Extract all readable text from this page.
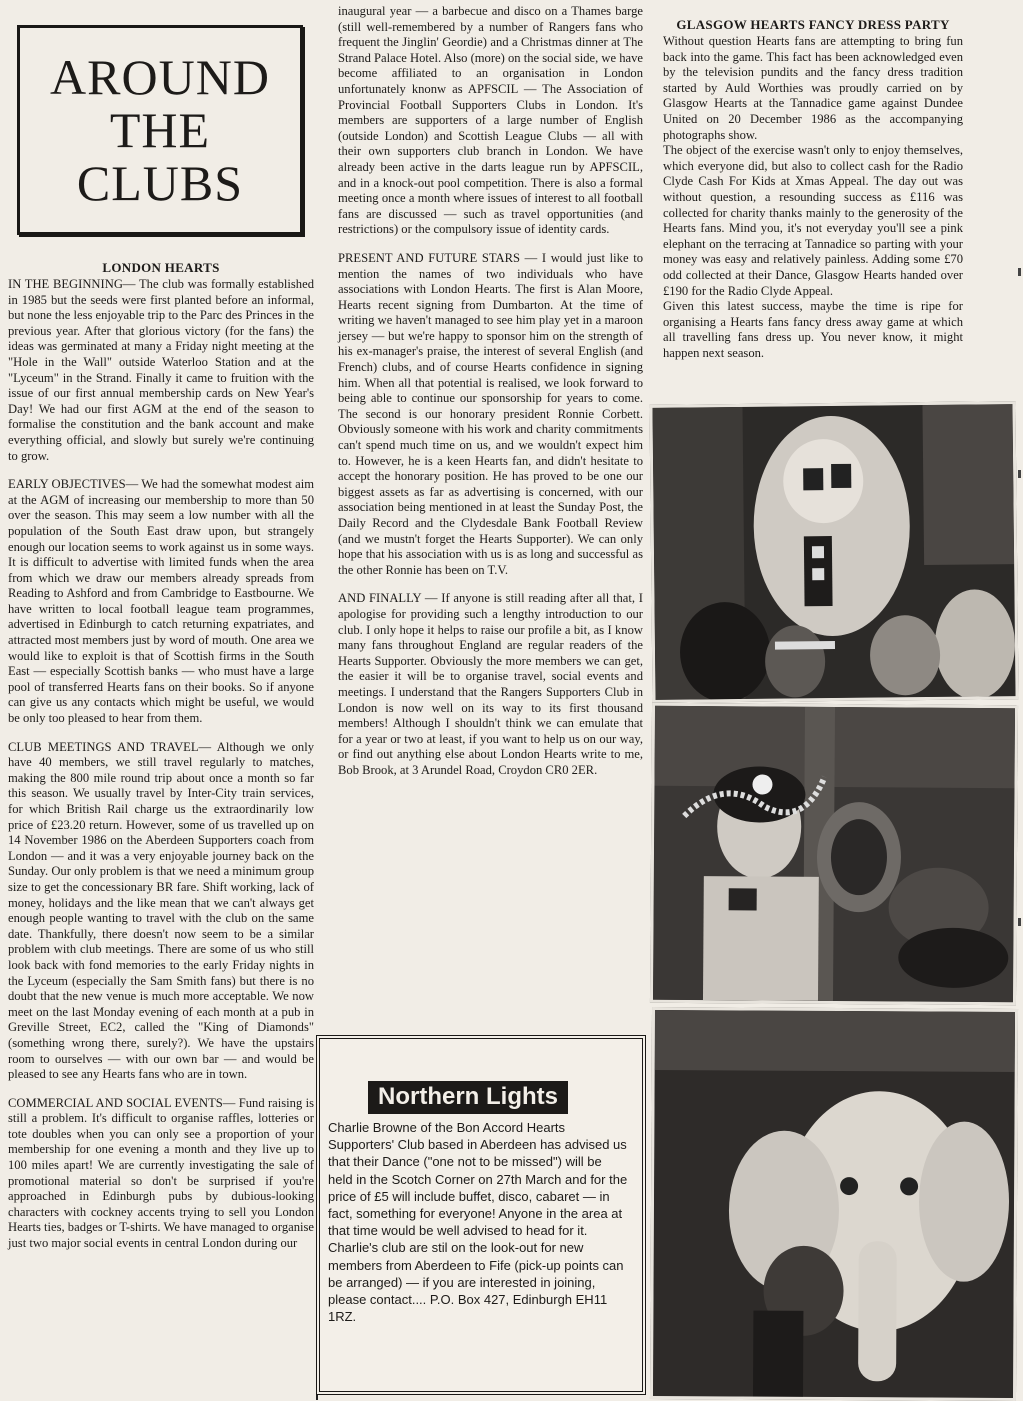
AROUND
THE
CLUBS

LONDON HEARTS

IN THE BEGINNING— The club was formally established in 1985 but the seeds were first planted before an informal, but none the less enjoyable trip to the Parc des Princes in the previous year. After that glorious victory (for the fans) the ideas was germinated at many a Friday night meeting at the "Hole in the Wall" outside Waterloo Station and at the "Lyceum" in the Strand. Finally it came to fruition with the issue of our first annual membership cards on New Year's Day! We had our first AGM at the end of the season to formalise the constitution and the bank account and make everything official, and slowly but surely we're continuing to grow.

EARLY OBJECTIVES— We had the somewhat modest aim at the AGM of increasing our membership to more than 50 over the season. This may seem a low number with all the population of the South East draw upon, but strangely enough our location seems to work against us in some ways. It is difficult to advertise with limited funds when the area from which we draw our members already spreads from Reading to Ashford and from Cambridge to Eastbourne. We have written to local football league team programmes, advertised in Edinburgh to catch returning expatriates, and attracted most members just by word of mouth. One area we would like to exploit is that of Scottish firms in the South East — especially Scottish banks — who must have a large pool of transferred Hearts fans on their books. So if anyone can give us any contacts which might be useful, we would be only too pleased to hear from them.

CLUB MEETINGS AND TRAVEL— Although we only have 40 members, we still travel regularly to matches, making the 800 mile round trip about once a month so far this season. We usually travel by Inter-City train services, for which British Rail charge us the extraordinarily low price of £23.20 return. However, some of us travelled up on 14 November 1986 on the Aberdeen Supporters coach from London — and it was a very enjoyable journey back on the Sunday. Our only problem is that we need a minimum group size to get the concessionary BR fare. Shift working, lack of money, holidays and the like mean that we can't always get enough people wanting to travel with the club on the same date. Thankfully, there doesn't now seem to be a similar problem with club meetings. There are some of us who still look back with fond memories to the early Friday nights in the Lyceum (especially the Sam Smith fans) but there is no doubt that the new venue is much more acceptable. We now meet on the last Monday evening of each month at a pub in Greville Street, EC2, called the "King of Diamonds" (something wrong there, surely?). We have the upstairs room to ourselves — with our own bar — and would be pleased to see any Hearts fans who are in town.

COMMERCIAL AND SOCIAL EVENTS— Fund raising is still a problem. It's difficult to organise raffles, lotteries or tote doubles when you can only see a proportion of your membership for one evening a month and they live up to 100 miles apart! We are currently investigating the sale of promotional material so don't be surprised if you're approached in Edinburgh pubs by dubious-looking characters with cockney accents trying to sell you London Hearts ties, badges or T-shirts. We have managed to organise just two major social events in central London during our

inaugural year — a barbecue and disco on a Thames barge (still well-remembered by a number of Rangers fans who frequent the Jinglin' Geordie) and a Christmas dinner at The Strand Palace Hotel. Also (more) on the social side, we have become affiliated to an organisation in London unfortunately knonw as APFSCIL — The Association of Provincial Football Supporters Clubs in London. It's members are supporters of a large number of English (outside London) and Scottish League Clubs — all with their own supporters club branch in London. We have already been active in the darts league run by APFSCIL, and in a knock-out pool competition. There is also a formal meeting once a month where issues of interest to all football fans are discussed — such as travel opportunities (and restrictions) or the compulsory issue of identity cards.

PRESENT AND FUTURE STARS — I would just like to mention the names of two individuals who have associations with London Hearts. The first is Alan Moore, Hearts recent signing from Dumbarton. At the time of writing we haven't managed to see him play yet in a maroon jersey — but we're happy to sponsor him on the strength of his ex-manager's praise, the interest of several English (and French) clubs, and of course Hearts confidence in signing him. When all that potential is realised, we look forward to being able to continue our sponsorship for years to come. The second is our honorary president Ronnie Corbett. Obviously someone with his work and charity commitments can't spend much time on us, and we wouldn't expect him to. However, he is a keen Hearts fan, and didn't hesitate to accept the honorary position. He has proved to be one our biggest assets as far as advertising is concerned, with our association being mentioned in at least the Sunday Post, the Daily Record and the Clydesdale Bank Football Review (and we mustn't forget the Hearts Supporter). We can only hope that his association with us is as long and successful as the other Ronnie has been on T.V.

AND FINALLY — If anyone is still reading after all that, I apologise for providing such a lengthy introduction to our club. I only hope it helps to raise our profile a bit, as I know many fans throughout England are regular readers of the Hearts Supporter. Obviously the more members we can get, the easier it will be to organise travel, social events and meetings. I understand that the Rangers Supporters Club in London is now well on its way to its first thousand members! Although I shouldn't think we can emulate that for a year or two at least, if you want to help us on our way, or find out anything else about London Hearts write to me, Bob Brook, at 3 Arundel Road, Croydon CR0 2ER.

GLASGOW HEARTS FANCY DRESS PARTY

Without question Hearts fans are attempting to bring fun back into the game. This fact has been acknowledged even by the television pundits and the fancy dress tradition started by Auld Worthies was proudly carried on by Glasgow Hearts at the Tannadice game against Dundee United on 20 December 1986 as the accompanying photographs show.

The object of the exercise wasn't only to enjoy themselves, which everyone did, but also to collect cash for the Radio Clyde Cash For Kids at Xmas Appeal. The day out was without question, a resounding success as £116 was collected for charity thanks mainly to the generosity of the Hearts fans. Mind you, it's not everyday you'll see a pink elephant on the terracing at Tannadice so parting with your money was easy and relatively painless. Adding some £70 odd collected at their Dance, Glasgow Hearts handed over £190 for the Radio Clyde Appeal.

Given this latest success, maybe the time is ripe for organising a Hearts fans fancy dress away game at which all travelling fans dress up. You never know, it might happen next season.

Northern Lights

Charlie Browne of the Bon Accord Hearts Supporters' Club based in Aberdeen has advised us that their Dance ("one not to be missed") will be held in the Scotch Corner on 27th March and for the price of £5 will include buffet, disco, cabaret — in fact, something for everyone! Anyone in the area at that time would be well advised to head for it.

Charlie's club are stil on the look-out for new members from Aberdeen to Fife (pick-up points can be arranged) — if you are interested in joining, please contact.... P.O. Box 427, Edinburgh EH11 1RZ.
